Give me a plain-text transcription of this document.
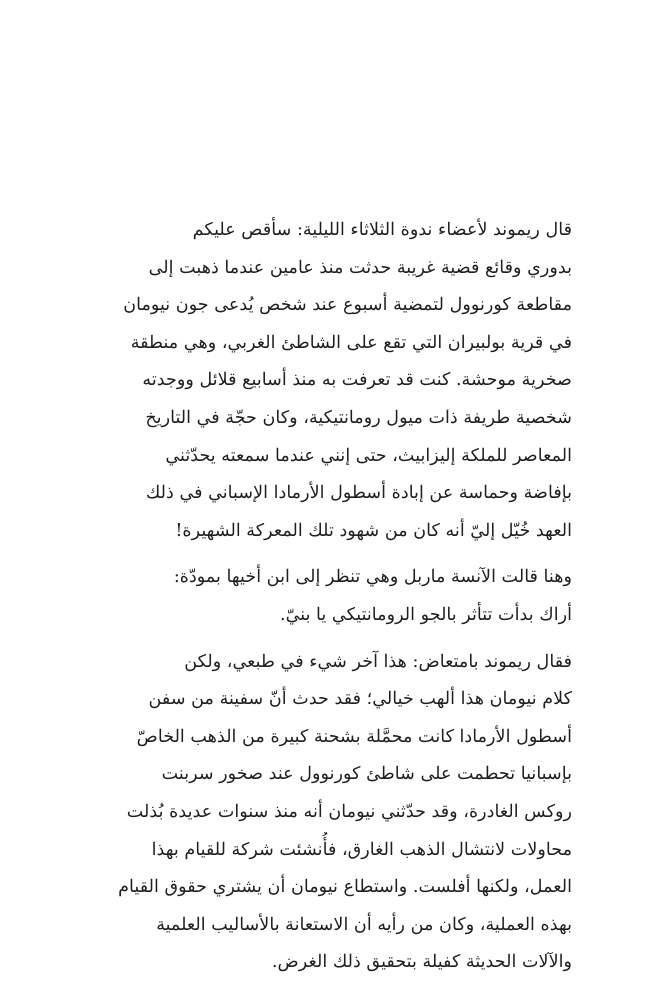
قال ريموند لأعضاء ندوة الثلاثاء الليلية: سأقص عليكم
بدوري وقائع قضية غريبة حدثت منذ عامين عندما ذهبت إلى
مقاطعة كورنوول لتمضية أسبوع عند شخص يُدعى جون نيومان
في قرية بولبيران التي تقع على الشاطئ الغربي، وهي منطقة
صخرية موحشة. كنت قد تعرفت به منذ أسابيع قلائل ووجدته
شخصية طريفة ذات ميول رومانتيكية، وكان حجّة في التاريخ
المعاصر للملكة إليزابيث، حتى إنني عندما سمعته يحدّثني
بإفاضة وحماسة عن إبادة أسطول الأرمادا الإسباني في ذلك
العهد خُيّل إليّ أنه كان من شهود تلك المعركة الشهيرة!

وهنا قالت الآنسة ماربل وهي تنظر إلى ابن أخيها بمودّة:
أراك بدأت تتأثر بالجو الرومانتيكي يا بنيّ.

فقال ريموند بامتعاض: هذا آخر شيء في طبعي، ولكن
كلام نيومان هذا ألهب خيالي؛ فقد حدث أنّ سفينة من سفن
أسطول الأرمادا كانت محمَّلة بشحنة كبيرة من الذهب الخاصّ
بإسبانيا تحطمت على شاطئ كورنوول عند صخور سربنت
روكس الغادرة، وقد حدّثني نيومان أنه منذ سنوات عديدة بُذلت
محاولات لانتشال الذهب الغارق، فأُنشئت شركة للقيام بهذا
العمل، ولكنها أفلست. واستطاع نيومان أن يشتري حقوق القيام
بهذه العملية، وكان من رأيه أن الاستعانة بالأساليب العلمية
والآلات الحديثة كفيلة بتحقيق ذلك الغرض.
